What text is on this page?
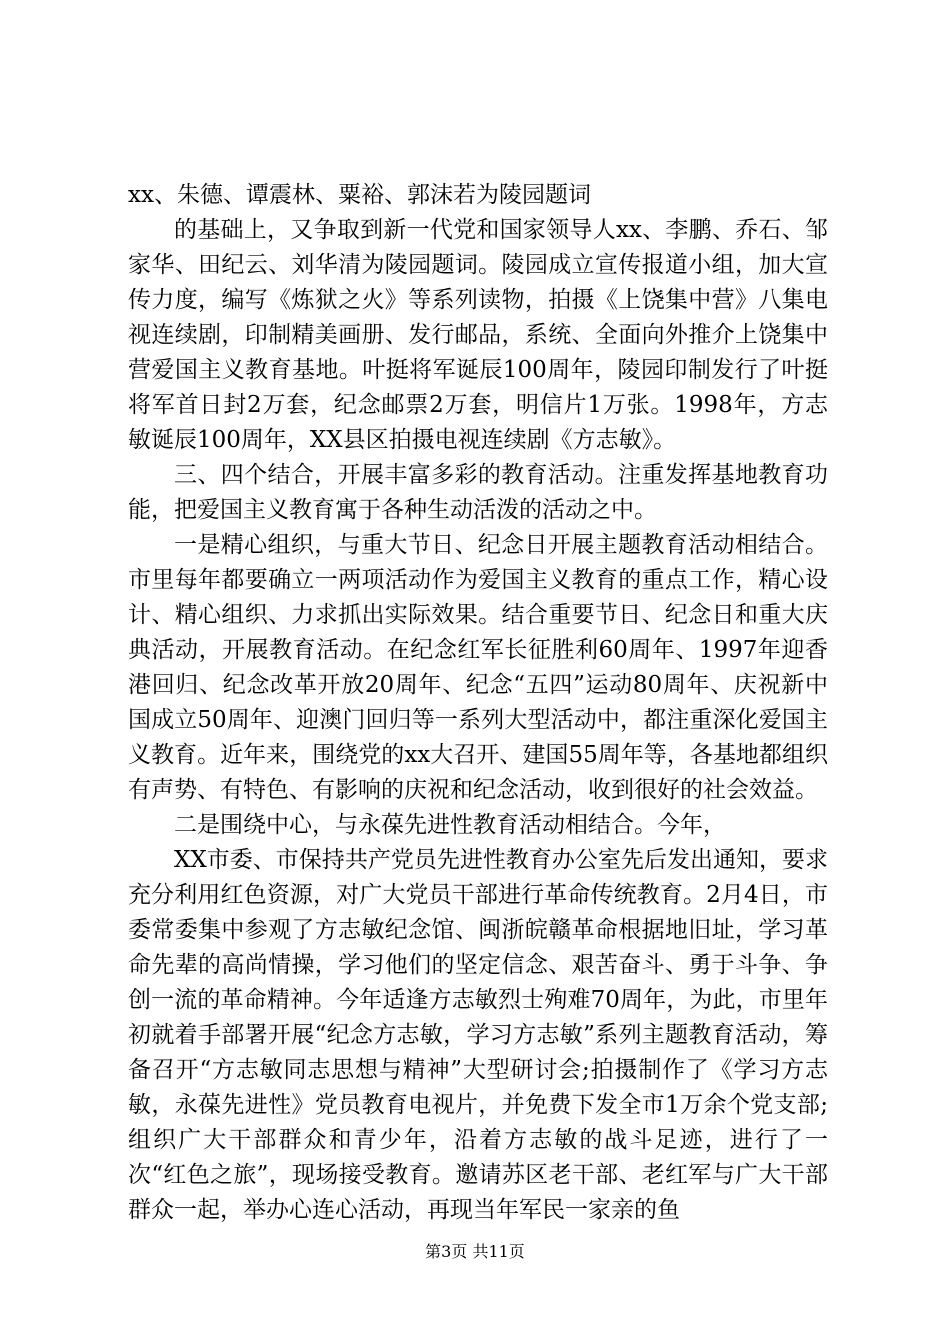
xx、朱德、谭震林、粟裕、郭沫若为陵园题词

的基础上，又争取到新一代党和国家领导人xx、李鹏、乔石、邹家华、田纪云、刘华清为陵园题词。陵园成立宣传报道小组，加大宣传力度，编写《炼狱之火》等系列读物，拍摄《上饶集中营》八集电视连续剧，印制精美画册、发行邮品，系统、全面向外推介上饶集中营爱国主义教育基地。叶挺将军诞辰100周年，陵园印制发行了叶挺将军首日封2万套，纪念邮票2万套，明信片1万张。1998年，方志敏诞辰100周年，XX县区拍摄电视连续剧《方志敏》。

三、四个结合，开展丰富多彩的教育活动。注重发挥基地教育功能，把爱国主义教育寓于各种生动活泼的活动之中。

一是精心组织，与重大节日、纪念日开展主题教育活动相结合。市里每年都要确立一两项活动作为爱国主义教育的重点工作，精心设计、精心组织、力求抓出实际效果。结合重要节日、纪念日和重大庆典活动，开展教育活动。在纪念红军长征胜利60周年、1997年迎香港回归、纪念改革开放20周年、纪念“五四”运动80周年、庆祝新中国成立50周年、迎澳门回归等一系列大型活动中，都注重深化爱国主义教育。近年来，围绕党的xx大召开、建国55周年等，各基地都组织有声势、有特色、有影响的庆祝和纪念活动，收到很好的社会效益。

二是围绕中心，与永葆先进性教育活动相结合。今年，

XX市委、市保持共产党员先进性教育办公室先后发出通知，要求充分利用红色资源，对广大党员干部进行革命传统教育。2月4日，市委常委集中参观了方志敏纪念馆、闽浙皖赣革命根据地旧址，学习革命先辈的高尚情操，学习他们的坚定信念、艰苦奋斗、勇于斗争、争创一流的革命精神。今年适逢方志敏烈士殉难70周年，为此，市里年初就着手部署开展“纪念方志敏，学习方志敏”系列主题教育活动，筹备召开“方志敏同志思想与精神”大型研讨会;拍摄制作了《学习方志敏，永葆先进性》党员教育电视片，并免费下发全市1万余个党支部;组织广大干部群众和青少年，沿着方志敏的战斗足迹，进行了一次“红色之旅”，现场接受教育。邀请苏区老干部、老红军与广大干部群众一起，举办心连心活动，再现当年军民一家亲的鱼

第3页 共11页
